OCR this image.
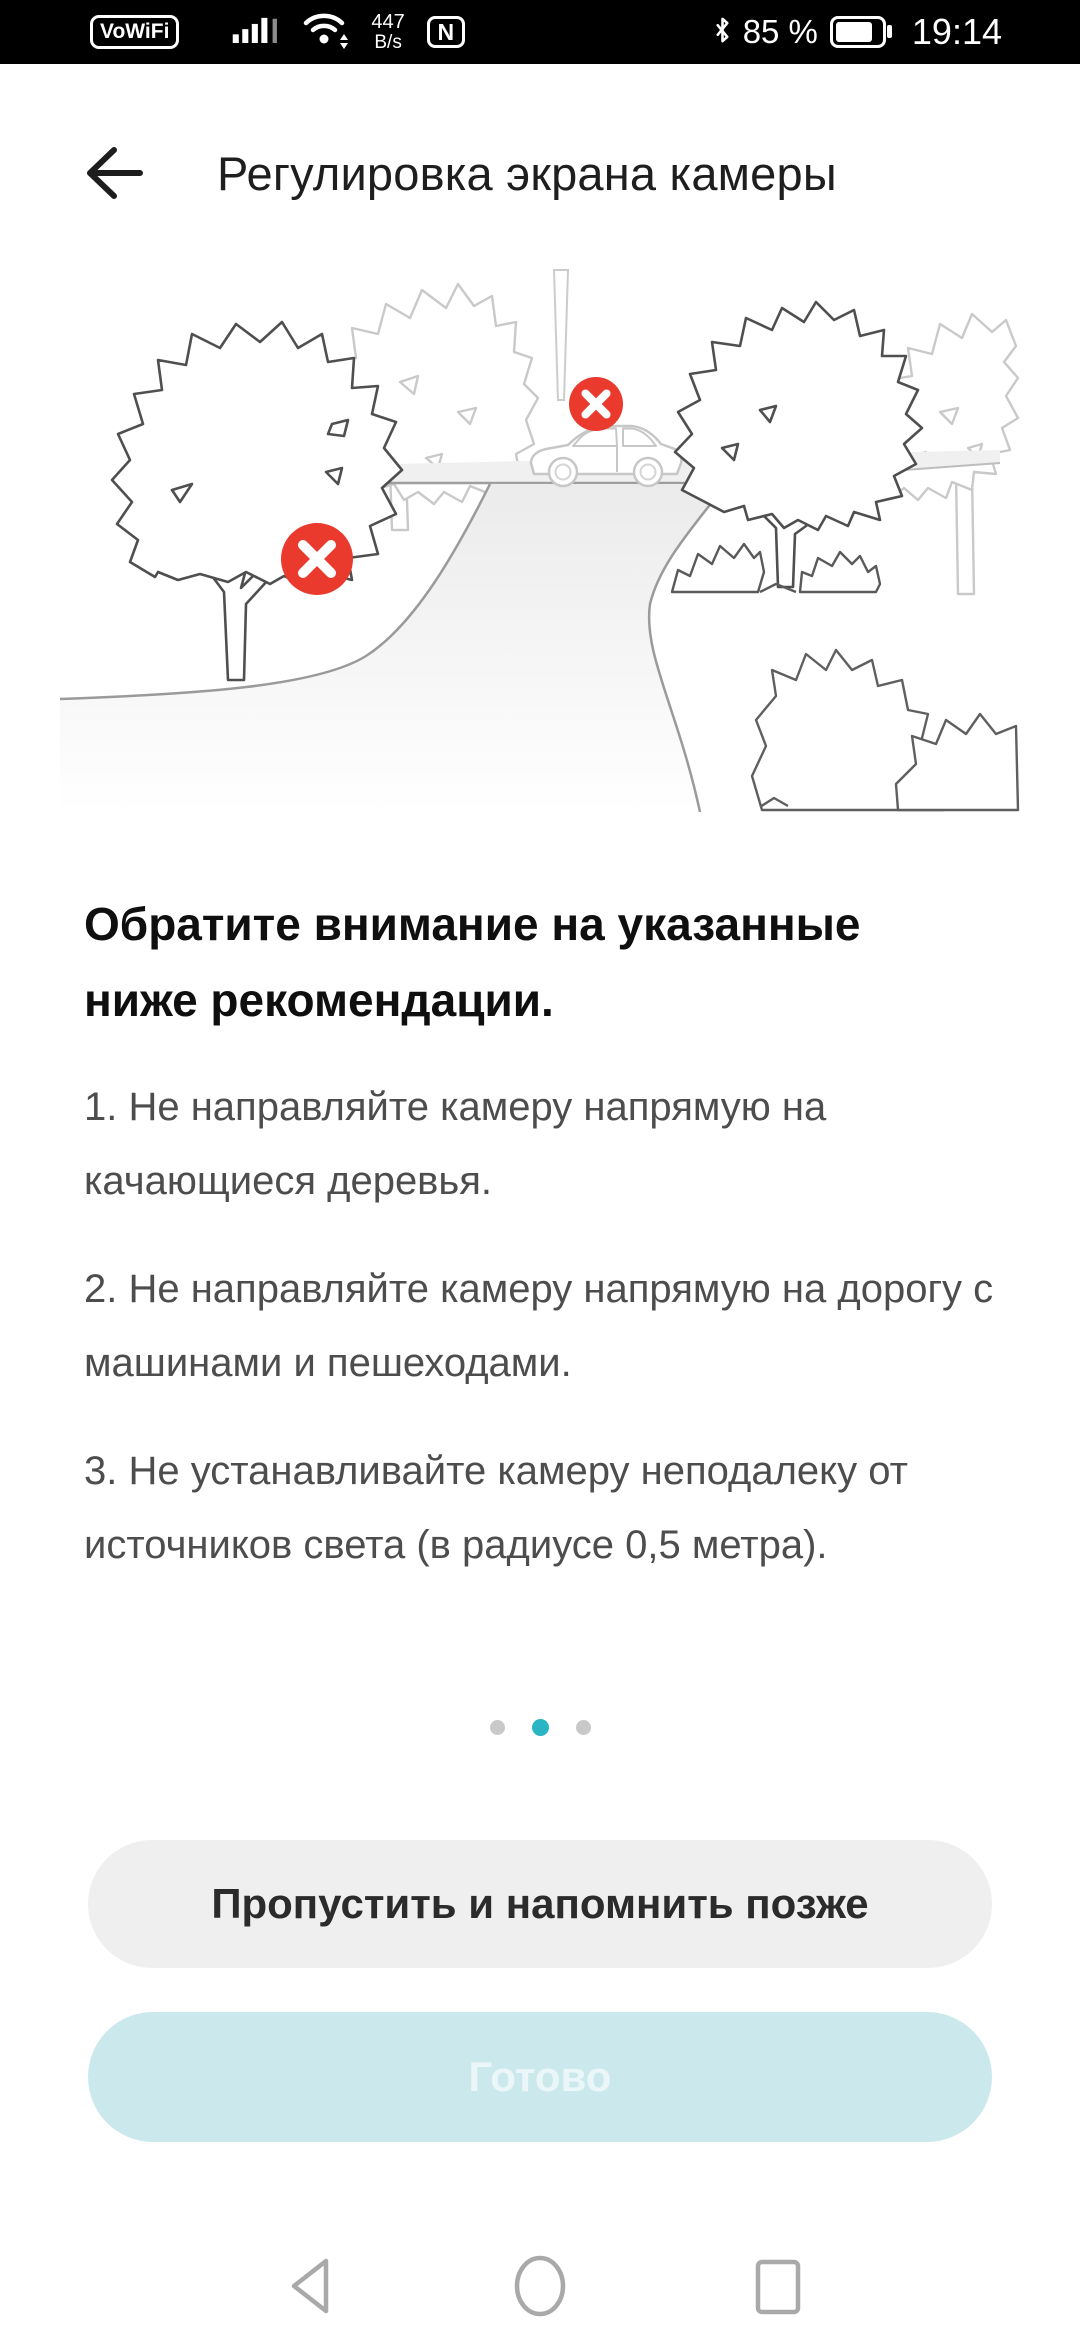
VoWiFi	447
B/s	N	85 %	19:14
Регулировка экрана камеры
Обратите внимание на указанные ниже рекомендации.

1. Не направляйте камеру напрямую на качающиеся деревья.

2. Не направляйте камеру напрямую на дорогу с машинами и пешеходами.

3. Не устанавливайте камеру неподалеку от источников света (в радиусе 0,5 метра).

Пропустить и напомнить позже
Готово
